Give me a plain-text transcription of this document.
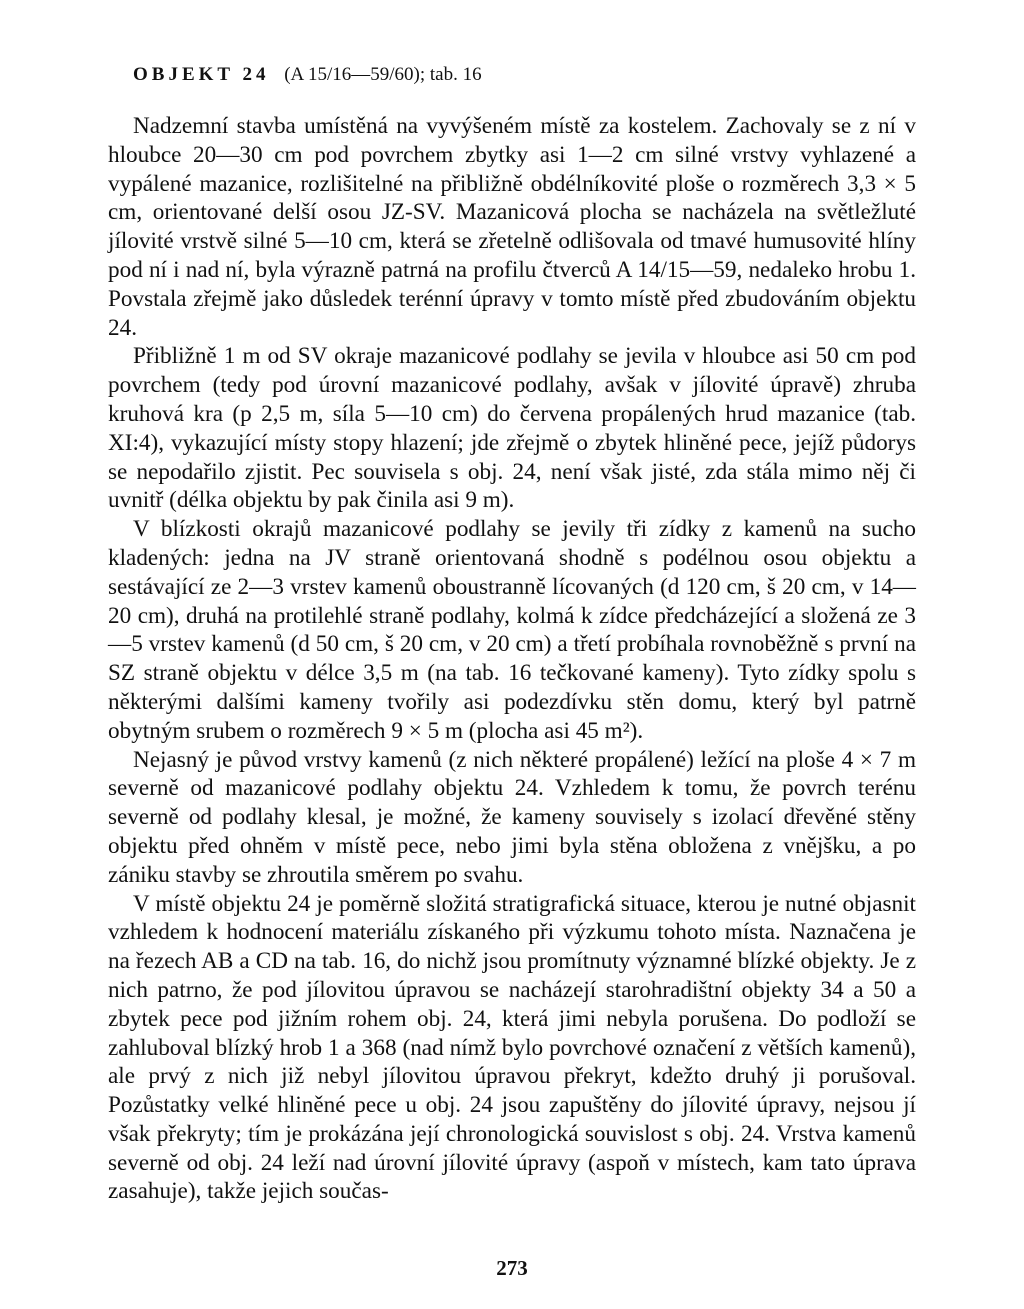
OBJEKT 24 (A 15/16—59/60); tab. 16

Nadzemní stavba umístěná na vyvýšeném místě za kostelem. Zachovaly se z ní v hloubce 20—30 cm pod povrchem zbytky asi 1—2 cm silné vrstvy vyhlazené a vypálené mazanice, rozlišitelné na přibližně obdélníkovité ploše o rozměrech 3,3 × 5 cm, orientované delší osou JZ-SV. Mazanicová plocha se nacházela na světležluté jílovité vrstvě silné 5—10 cm, která se zřetelně odlišovala od tmavé humusovité hlíny pod ní i nad ní, byla výrazně patrná na profilu čtverců A 14/15—59, nedaleko hrobu 1. Povstala zřejmě jako důsledek terénní úpravy v tomto místě před zbudováním objektu 24.

Přibližně 1 m od SV okraje mazanicové podlahy se jevila v hloubce asi 50 cm pod povrchem (tedy pod úrovní mazanicové podlahy, avšak v jílovité úpravě) zhruba kruhová kra (p 2,5 m, síla 5—10 cm) do červena propálených hrud mazanice (tab. XI:4), vykazující místy stopy hlazení; jde zřejmě o zbytek hliněné pece, jejíž půdorys se nepodařilo zjistit. Pec souvisela s obj. 24, není však jisté, zda stála mimo něj či uvnitř (délka objektu by pak činila asi 9 m).

V blízkosti okrajů mazanicové podlahy se jevily tři zídky z kamenů na sucho kladených: jedna na JV straně orientovaná shodně s podélnou osou objektu a sestávající ze 2—3 vrstev kamenů oboustranně lícovaných (d 120 cm, š 20 cm, v 14—20 cm), druhá na protilehlé straně podlahy, kolmá k zídce předcházející a složená ze 3—5 vrstev kamenů (d 50 cm, š 20 cm, v 20 cm) a třetí probíhala rovnoběžně s první na SZ straně objektu v délce 3,5 m (na tab. 16 tečkované kameny). Tyto zídky spolu s některými dalšími kameny tvořily asi podezdívku stěn domu, který byl patrně obytným srubem o rozměrech 9 × 5 m (plocha asi 45 m²).

Nejasný je původ vrstvy kamenů (z nich některé propálené) ležící na ploše 4 × 7 m severně od mazanicové podlahy objektu 24. Vzhledem k tomu, že povrch terénu severně od podlahy klesal, je možné, že kameny souvisely s izolací dřevěné stěny objektu před ohněm v místě pece, nebo jimi byla stěna obložena z vnějšku, a po zániku stavby se zhroutila směrem po svahu.

V místě objektu 24 je poměrně složitá stratigrafická situace, kterou je nutné objasnit vzhledem k hodnocení materiálu získaného při výzkumu tohoto místa. Naznačena je na řezech AB a CD na tab. 16, do nichž jsou promítnuty významné blízké objekty. Je z nich patrno, že pod jílovitou úpravou se nacházejí starohradištní objekty 34 a 50 a zbytek pece pod jižním rohem obj. 24, která jimi nebyla porušena. Do podloží se zahluboval blízký hrob 1 a 368 (nad nímž bylo povrchové označení z větších kamenů), ale prvý z nich již nebyl jílovitou úpravou překryt, kdežto druhý ji porušoval. Pozůstatky velké hliněné pece u obj. 24 jsou zapuštěny do jílovité úpravy, nejsou jí však překryty; tím je prokázána její chronologická souvislost s obj. 24. Vrstva kamenů severně od obj. 24 leží nad úrovní jílovité úpravy (aspoň v místech, kam tato úprava zasahuje), takže jejich součas-

273
